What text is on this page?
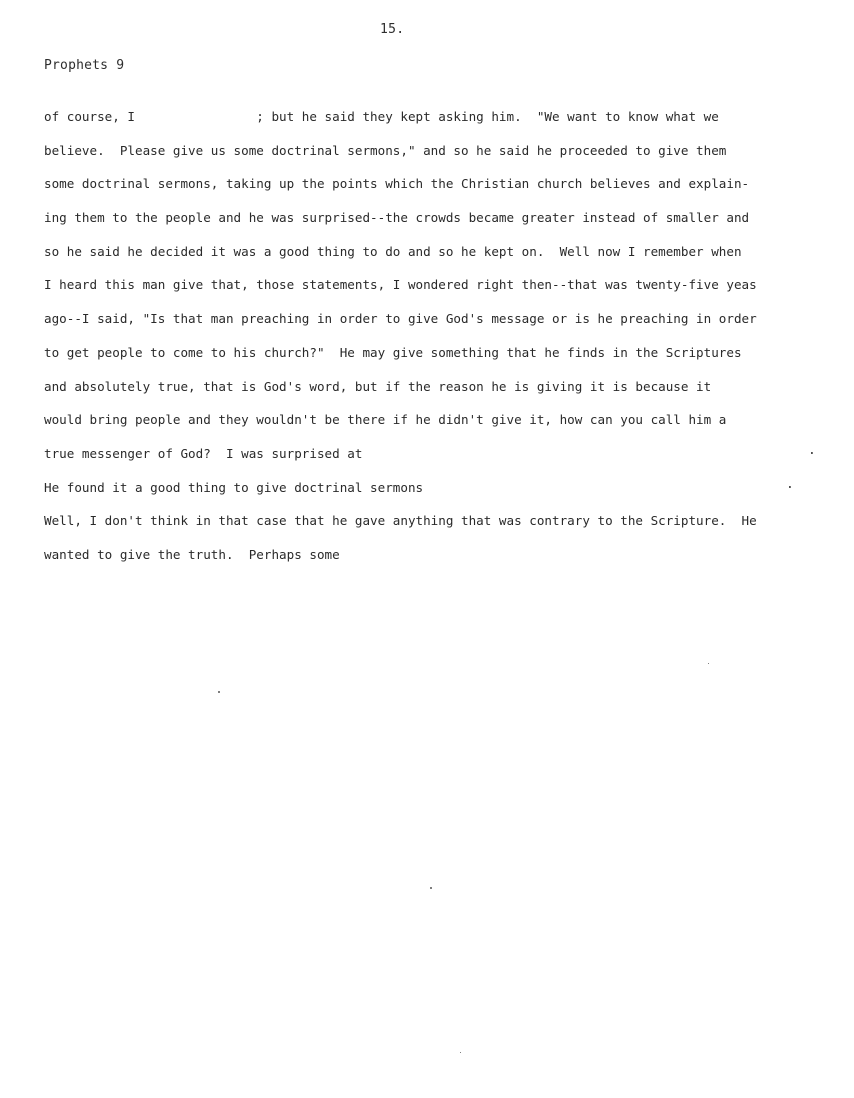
15.
Prophets 9
of course, I                ; but he said they kept asking him.  "We want to know what we
believe.  Please give us some doctrinal sermons," and so he said he proceeded to give them
some doctrinal sermons, taking up the points which the Christian church believes and explain-
ing them to the people and he was surprised--the crowds became greater instead of smaller and
so he said he decided it was a good thing to do and so he kept on.  Well now I remember when
I heard this man give that, those statements, I wondered right then--that was twenty-five yeas
ago--I said, "Is that man preaching in order to give God's message or is he preaching in order
to get people to come to his church?"  He may give something that he finds in the Scriptures
and absolutely true, that is God's word, but if the reason he is giving it is because it
would bring people and they wouldn't be there if he didn't give it, how can you call him a
true messenger of God?  I was surprised at
He found it a good thing to give doctrinal sermons
Well, I don't think in that case that he gave anything that was contrary to the Scripture.  He
wanted to give the truth.  Perhaps some
.
.
